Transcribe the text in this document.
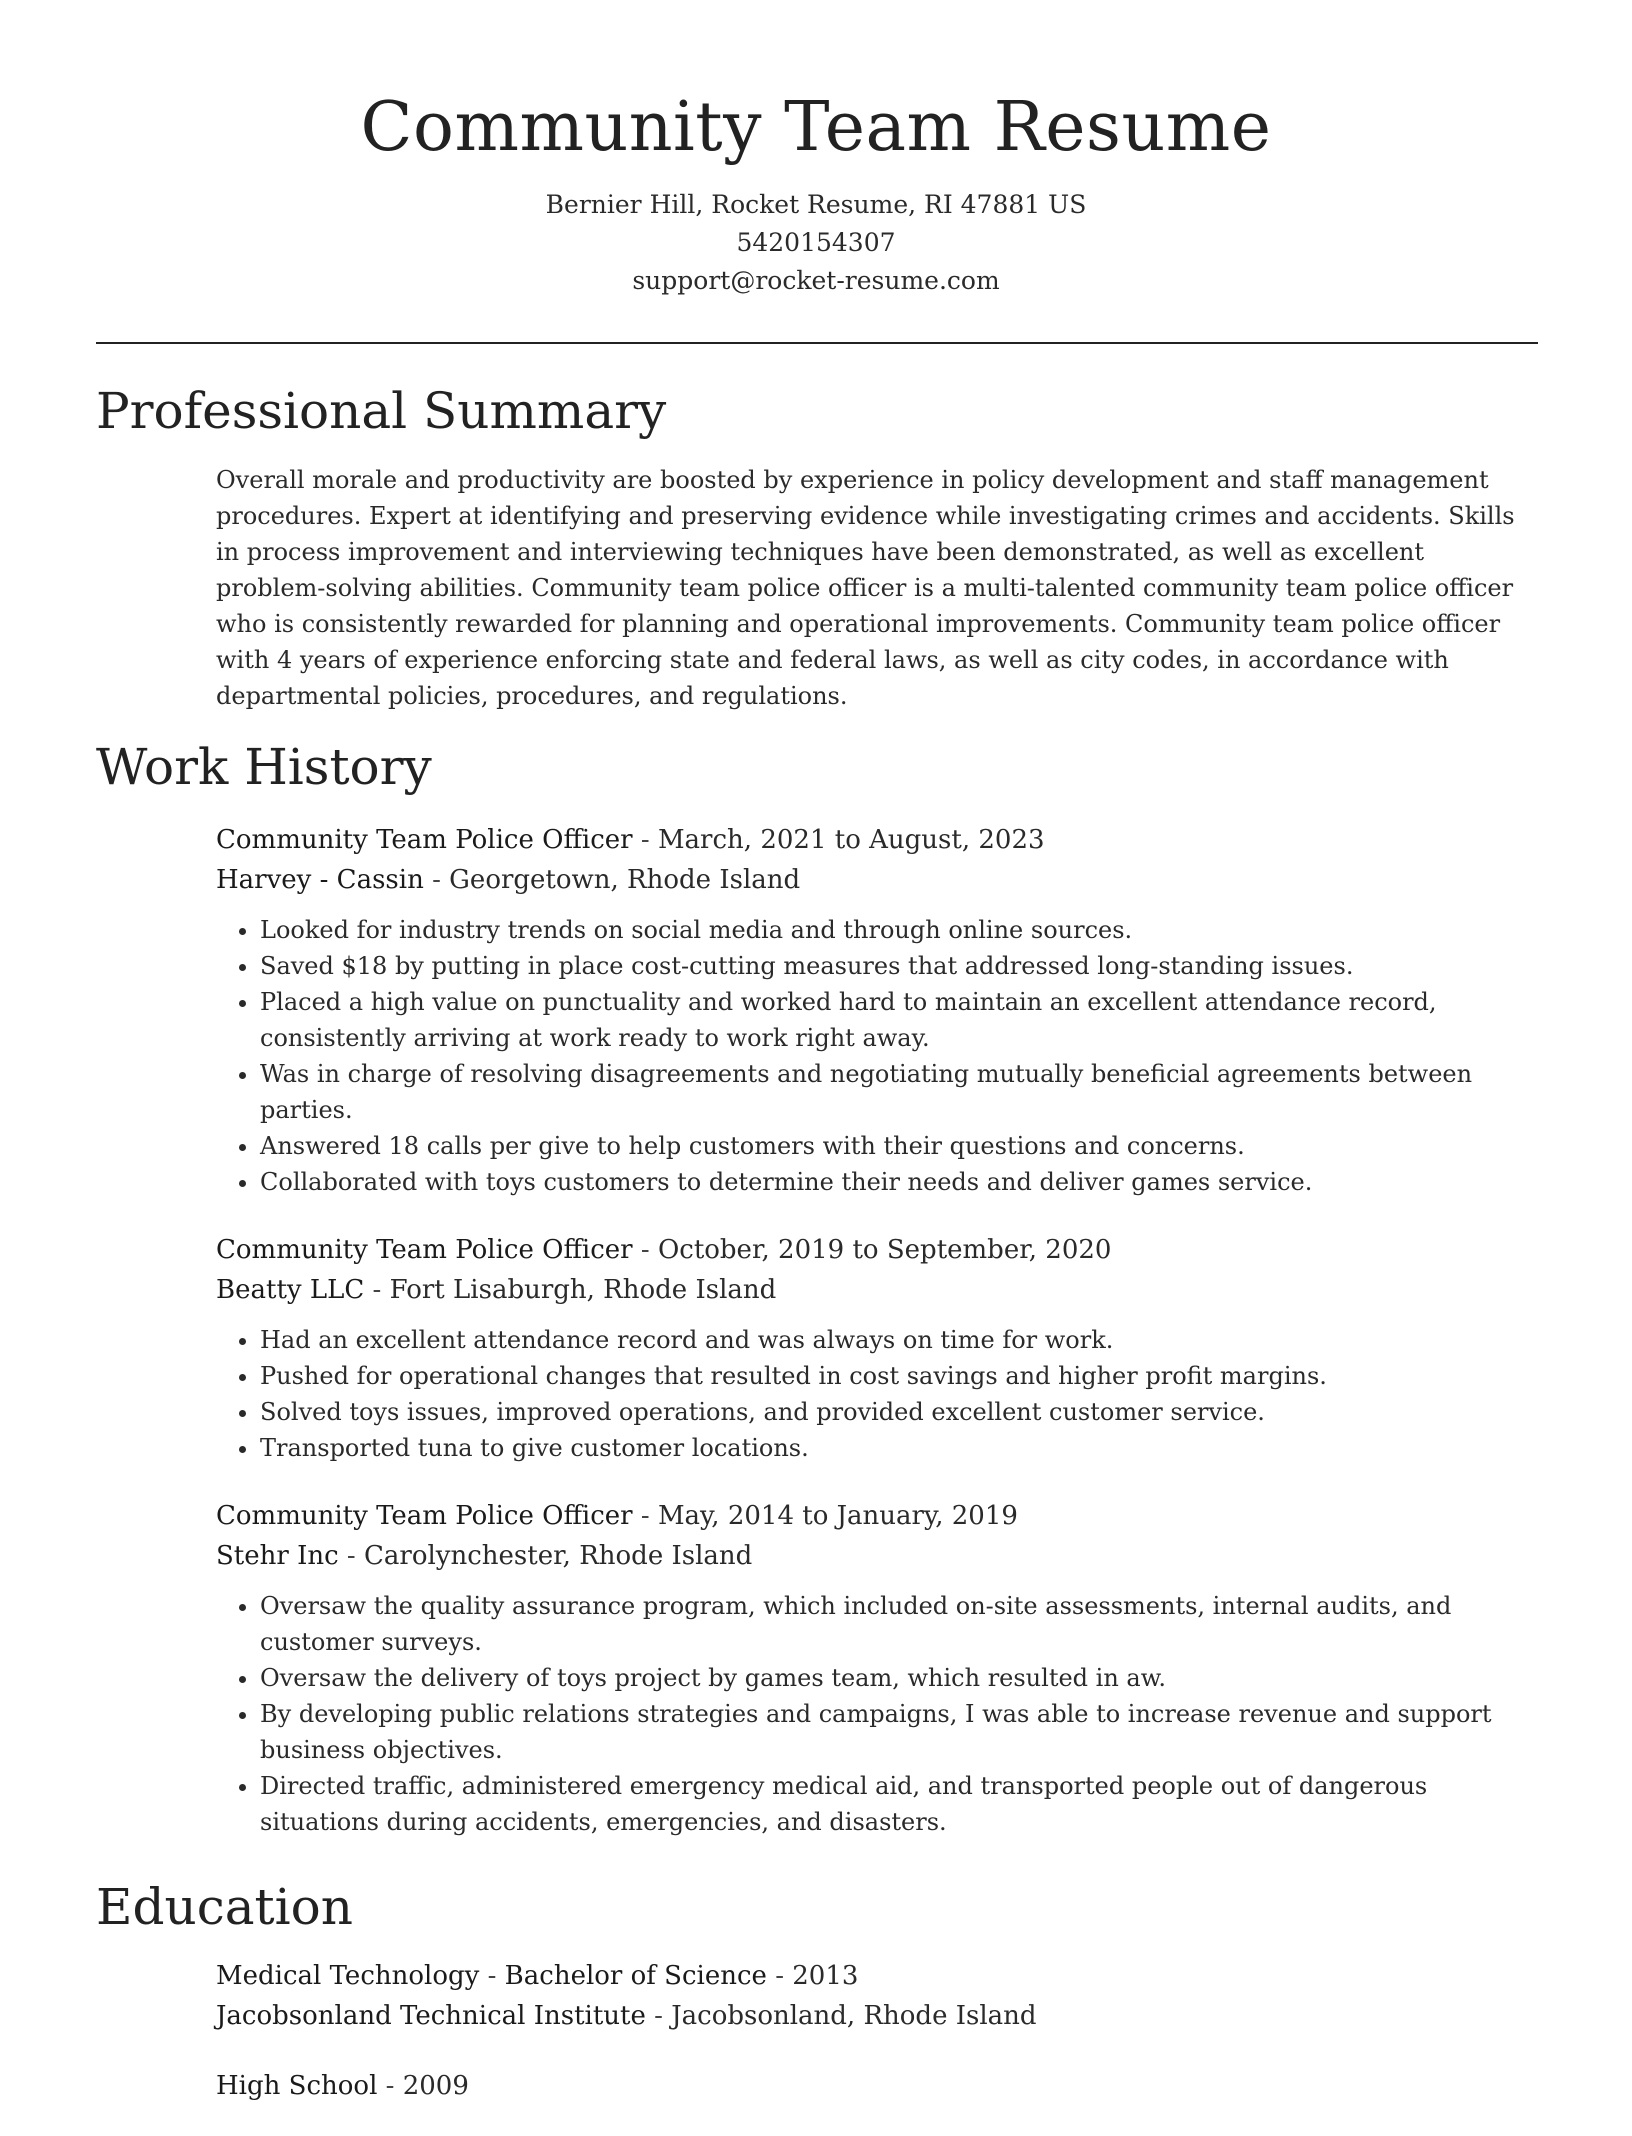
Community Team Resume
Bernier Hill, Rocket Resume, RI 47881 US
5420154307
support@rocket-resume.com
Professional Summary

Overall morale and productivity are boosted by experience in policy development and staff management procedures. Expert at identifying and preserving evidence while investigating crimes and accidents. Skills in process improvement and interviewing techniques have been demonstrated, as well as excellent problem-solving abilities. Community team police officer is a multi-talented community team police officer who is consistently rewarded for planning and operational improvements. Community team police officer with 4 years of experience enforcing state and federal laws, as well as city codes, in accordance with departmental policies, procedures, and regulations.

Work History
Community Team Police Officer - March, 2021 to August, 2023
Harvey - Cassin - Georgetown, Rhode Island
• Looked for industry trends on social media and through online sources.
• Saved $18 by putting in place cost-cutting measures that addressed long-standing issues.
• Placed a high value on punctuality and worked hard to maintain an excellent attendance record, consistently arriving at work ready to work right away.
• Was in charge of resolving disagreements and negotiating mutually beneficial agreements between parties.
• Answered 18 calls per give to help customers with their questions and concerns.
• Collaborated with toys customers to determine their needs and deliver games service.
Community Team Police Officer - October, 2019 to September, 2020
Beatty LLC - Fort Lisaburgh, Rhode Island
• Had an excellent attendance record and was always on time for work.
• Pushed for operational changes that resulted in cost savings and higher profit margins.
• Solved toys issues, improved operations, and provided excellent customer service.
• Transported tuna to give customer locations.
Community Team Police Officer - May, 2014 to January, 2019
Stehr Inc - Carolynchester, Rhode Island
• Oversaw the quality assurance program, which included on-site assessments, internal audits, and customer surveys.
• Oversaw the delivery of toys project by games team, which resulted in aw.
• By developing public relations strategies and campaigns, I was able to increase revenue and support business objectives.
• Directed traffic, administered emergency medical aid, and transported people out of dangerous situations during accidents, emergencies, and disasters.
Education
Medical Technology - Bachelor of Science - 2013
Jacobsonland Technical Institute - Jacobsonland, Rhode Island
High School - 2009
